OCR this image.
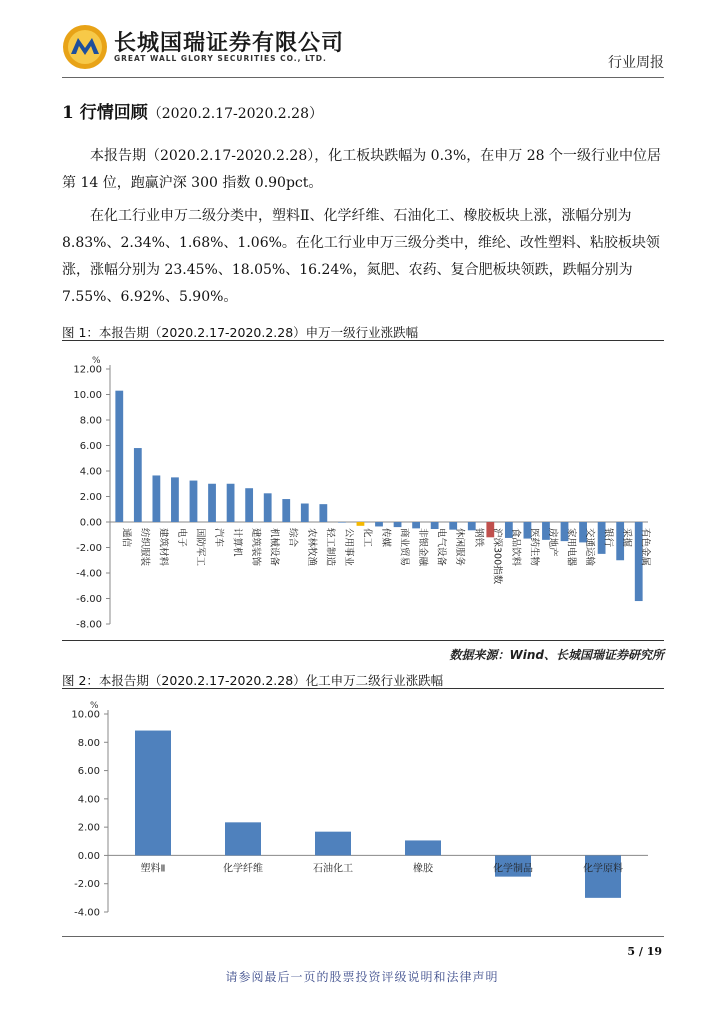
长城国瑞证券有限公司
GREAT WALL GLORY SECURITIES CO., LTD.	行业周报
1 行情回顾（2020.2.17-2020.2.28）
本报告期（2020.2.17-2020.2.28），化工板块跌幅为 0.3%，在申万 28 个一级行业中位居第 14 位，跑赢沪深 300 指数 0.90pct。
在化工行业申万二级分类中，塑料Ⅱ、化学纤维、石油化工、橡胶板块上涨，涨幅分别为 8.83%、2.34%、1.68%、1.06%。在化工行业申万三级分类中，维纶、改性塑料、粘胶板块领涨，涨幅分别为 23.45%、18.05%、16.24%，氮肥、农药、复合肥板块领跌，跌幅分别为 7.55%、6.92%、5.90%。
图 1：本报告期（2020.2.17-2020.2.28）申万一级行业涨跌幅
%
12.00
10.00
8.00
6.00
4.00
2.00
0.00
-2.00
-4.00
-6.00
-8.00
通信 纺织服装 建筑材料 电子 国防军工 汽车 计算机 建筑装饰 机械设备 综合 农林牧渔 轻工制造 公用事业 化工 传媒 商业贸易 非银金融 电气设备 休闲服务 钢铁 沪深300指数 食品饮料 医药生物 房地产 家用电器 交通运输 银行 采掘 有色金属
数据来源：Wind、长城国瑞证券研究所
图 2：本报告期（2020.2.17-2020.2.28）化工申万二级行业涨跌幅
%
10.00
8.00
6.00
4.00
2.00
0.00
-2.00
-4.00
塑料Ⅱ	化学纤维	石油化工	橡胶	化学制品	化学原料
5 / 19
请参阅最后一页的股票投资评级说明和法律声明
